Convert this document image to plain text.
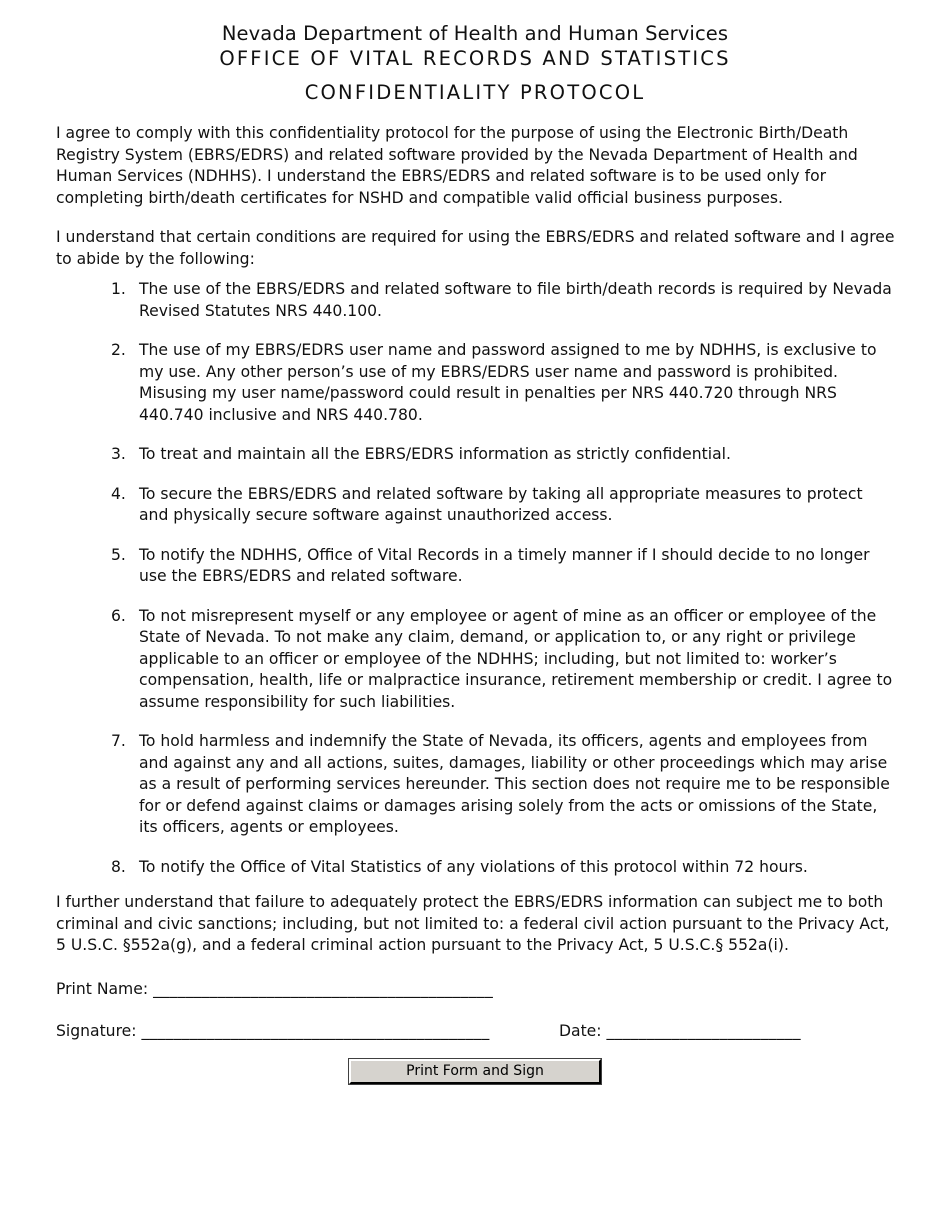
Nevada Department of Health and Human Services
OFFICE OF VITAL RECORDS AND STATISTICS
CONFIDENTIALITY PROTOCOL
I agree to comply with this confidentiality protocol for the purpose of using the Electronic Birth/Death Registry System (EBRS/EDRS) and related software provided by the Nevada Department of Health and Human Services (NDHHS). I understand the EBRS/EDRS and related software is to be used only for completing birth/death certificates for NSHD and compatible valid official business purposes.
I understand that certain conditions are required for using the EBRS/EDRS and related software and I agree to abide by the following:
1. The use of the EBRS/EDRS and related software to file birth/death records is required by Nevada Revised Statutes NRS 440.100.
2. The use of my EBRS/EDRS user name and password assigned to me by NDHHS, is exclusive to my use. Any other person’s use of my EBRS/EDRS user name and password is prohibited. Misusing my user name/password could result in penalties per NRS 440.720 through NRS 440.740 inclusive and NRS 440.780.
3. To treat and maintain all the EBRS/EDRS information as strictly confidential.
4. To secure the EBRS/EDRS and related software by taking all appropriate measures to protect and physically secure software against unauthorized access.
5. To notify the NDHHS, Office of Vital Records in a timely manner if I should decide to no longer use the EBRS/EDRS and related software.
6. To not misrepresent myself or any employee or agent of mine as an officer or employee of the State of Nevada. To not make any claim, demand, or application to, or any right or privilege applicable to an officer or employee of the NDHHS; including, but not limited to: worker’s compensation, health, life or malpractice insurance, retirement membership or credit. I agree to assume responsibility for such liabilities.
7. To hold harmless and indemnify the State of Nevada, its officers, agents and employees from and against any and all actions, suites, damages, liability or other proceedings which may arise as a result of performing services hereunder. This section does not require me to be responsible for or defend against claims or damages arising solely from the acts or omissions of the State, its officers, agents or employees.
8. To notify the Office of Vital Statistics of any violations of this protocol within 72 hours.
I further understand that failure to adequately protect the EBRS/EDRS information can subject me to both criminal and civic sanctions; including, but not limited to: a federal civil action pursuant to the Privacy Act, 5 U.S.C. §552a(g), and a federal criminal action pursuant to the Privacy Act, 5 U.S.C.§ 552a(i).
Print Name: __________________________________________
Signature: ___________________________________________	Date: ________________________
Print Form and Sign
